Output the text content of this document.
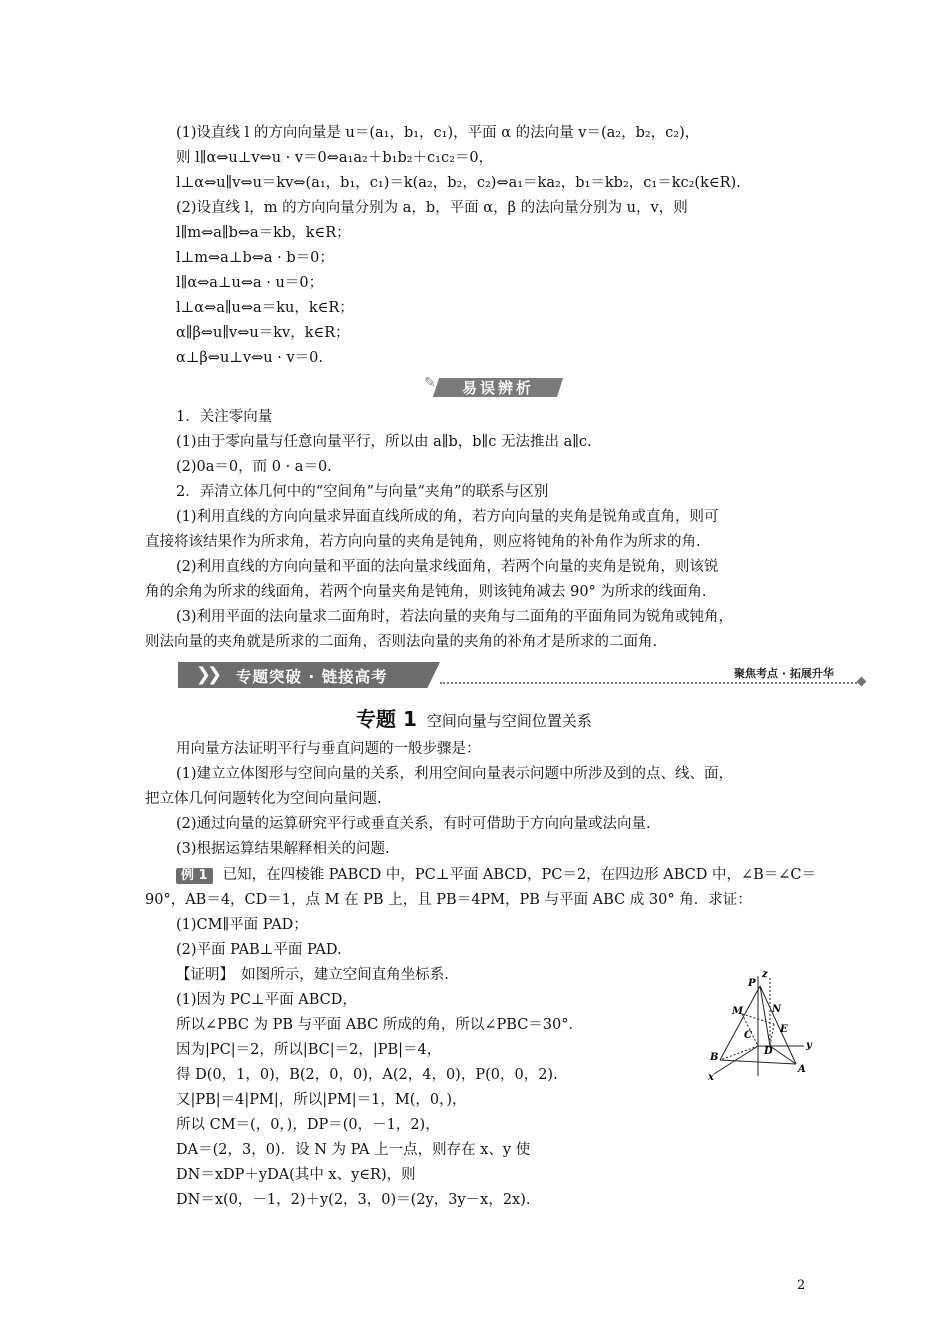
(1)设直线 l 的方向向量是 u＝(a₁，b₁，c₁)，平面 α 的法向量 v＝(a₂，b₂，c₂)，
则 l∥α⇔u⊥v⇔u · v＝0⇔a₁a₂＋b₁b₂＋c₁c₂＝0，
l⊥α⇔u∥v⇔u＝kv⇔(a₁，b₁，c₁)＝k(a₂，b₂，c₂)⇔a₁＝ka₂，b₁＝kb₂，c₁＝kc₂(k∈R).
(2)设直线 l，m 的方向向量分别为 a，b，平面 α，β 的法向量分别为 u，v，则
l∥m⇔a∥b⇔a＝kb，k∈R；
l⊥m⇔a⊥b⇔a · b＝0；
l∥α⇔a⊥u⇔a · u＝0；
l⊥α⇔a∥u⇔a＝ku，k∈R；
α∥β⇔u∥v⇔u＝kv，k∈R；
α⊥β⇔u⊥v⇔u · v＝0.
✎	易误辨析
1．关注零向量
(1)由于零向量与任意向量平行，所以由 a∥b，b∥c 无法推出 a∥c.
(2)0a＝0，而 0 · a＝0.
2．弄清立体几何中的“空间角”与向量“夹角”的联系与区别
(1)利用直线的方向向量求异面直线所成的角，若方向向量的夹角是锐角或直角，则可
直接将该结果作为所求角，若方向向量的夹角是钝角，则应将钝角的补角作为所求的角.
(2)利用直线的方向向量和平面的法向量求线面角，若两个向量的夹角是锐角，则该锐
角的余角为所求的线面角，若两个向量夹角是钝角，则该钝角减去 90° 为所求的线面角.
(3)利用平面的法向量求二面角时，若法向量的夹角与二面角的平面角同为锐角或钝角，
则法向量的夹角就是所求的二面角，否则法向量的夹角的补角才是所求的二面角.
❯❯	专题突破 · 链接高考	聚焦考点 · 拓展升华
专题 1 空间向量与空间位置关系
用向量方法证明平行与垂直问题的一般步骤是：
(1)建立立体图形与空间向量的关系，利用空间向量表示问题中所涉及到的点、线、面，
把立体几何问题转化为空间向量问题.
(2)通过向量的运算研究平行或垂直关系，有时可借助于方向向量或法向量.
(3)根据运算结果解释相关的问题.
例 1 已知，在四棱锥 PABCD 中，PC⊥平面 ABCD，PC＝2，在四边形 ABCD 中，∠B＝∠C＝
90°，AB＝4，CD＝1，点 M 在 PB 上，且 PB＝4PM，PB 与平面 ABC 成 30° 角．求证：
(1)CM∥平面 PAD；
(2)平面 PAB⊥平面 PAD.
【证明】　如图所示，建立空间直角坐标系.
(1)因为 PC⊥平面 ABCD，
所以∠PBC 为 PB 与平面 ABC 所成的角，所以∠PBC＝30°．
因为|PC|＝2，所以|BC|＝2，|PB|＝4，
得 D(0，1，0)，B(2，0，0)，A(2，4，0)，P(0，0，2).
又|PB|＝4|PM|，所以|PM|＝1，M(，0，)，
所以 CM＝(，0，)，DP＝(0，－1，2)，
DA＝(2，3，0)．设 N 为 PA 上一点，则存在 x、y 使
DN＝xDP＋yDA(其中 x、y∈R)，则
DN＝x(0，－1，2)＋y(2，3，0)＝(2y，3y－x，2x).
z
P
M	N
E
C
D
y
B
A
x
2
